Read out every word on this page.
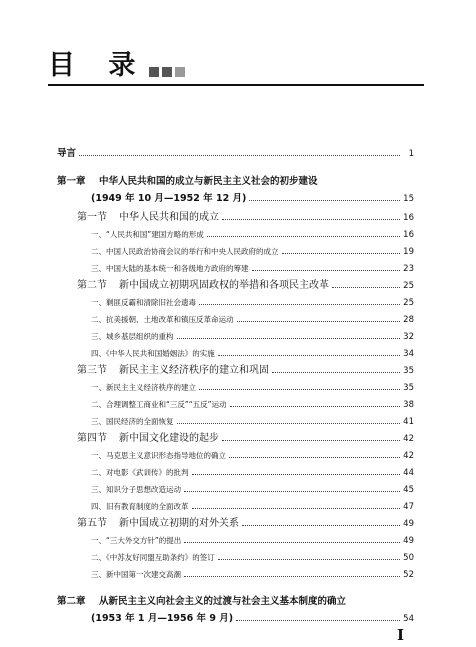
目 录
导言	1
第一章	中华人民共和国的成立与新民主主义社会的初步建设
(1949 年 10 月—1952 年 12 月)	15
第一节	中华人民共和国的成立	16
一、“人民共和国”建国方略的形成	16
二、中国人民政治协商会议的举行和中央人民政府的成立	19
三、中国大陆的基本统一和各级地方政府的筹建	23
第二节	新中国成立初期巩固政权的举措和各项民主改革	25
一、剿匪反霸和清除旧社会遗毒	25
二、抗美援朝、土地改革和镇压反革命运动	28
三、城乡基层组织的重构	32
四、《中华人民共和国婚姻法》的实施	34
第三节	新民主主义经济秩序的建立和巩固	35
一、新民主主义经济秩序的建立	35
二、合理调整工商业和“三反”“五反”运动	38
三、国民经济的全面恢复	41
第四节	新中国文化建设的起步	42
一、马克思主义意识形态指导地位的确立	42
二、对电影《武训传》的批判	44
三、知识分子思想改造运动	45
四、旧有教育制度的全面改革	47
第五节	新中国成立初期的对外关系	49
一、“三大外交方针”的提出	49
二、《中苏友好同盟互助条约》的签订	50
三、新中国第一次建交高潮	52
第二章	从新民主主义向社会主义的过渡与社会主义基本制度的确立
(1953 年 1 月—1956 年 9 月)	54
I
